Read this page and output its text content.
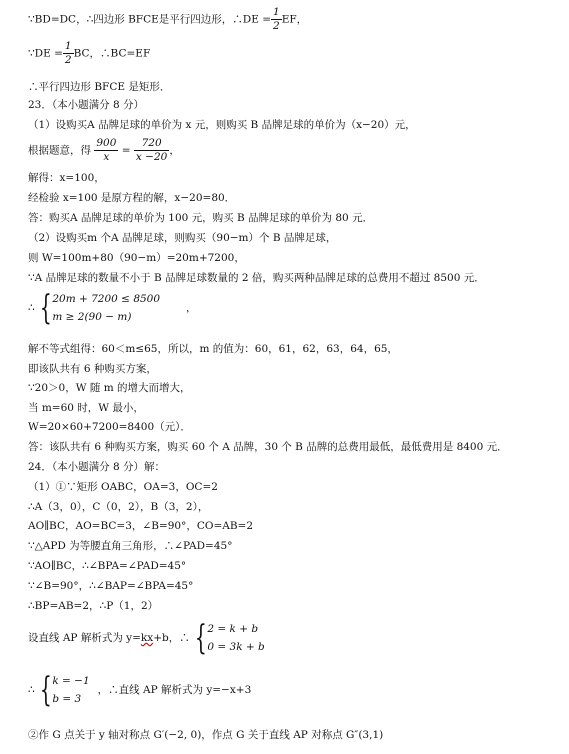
∵BD=DC，∴四边形 BFCE是平行四边形，∴DE = $\frac{1}{2}$ EF，
∵DE = $\frac{1}{2}$ BC，∴BC=EF
∴平行四边形 BFCE 是矩形．
23．（本小题满分 8 分）
（1）设购买A 品牌足球的单价为 x 元，则购买 B 品牌足球的单价为（x−20）元，
根据题意，得 $\frac{900}{x} = \frac{720}{x -20}$ ，
解得：x=100，
经检验 x=100 是原方程的解，x−20=80．
答：购买A 品牌足球的单价为 100 元，购买 B 品牌足球的单价为 80 元．
（2）设购买m 个A 品牌足球，则购买（90−m）个 B 品牌足球，
则 W=100m+80（90−m）=20m+7200，
∵A 品牌足球的数量不小于 B 品牌足球数量的 2 倍，购买两种品牌足球的总费用不超过 8500 元．
∴ { 20m + 7200 ≤ 8500
m ≥ 2(90 − m)
，
解不等式组得：60＜m≤65，所以，m 的值为：60，61，62，63，64，65，
即该队共有 6 种购买方案，
∵20＞0，W 随 m 的增大而增大，
当 m=60 时，W 最小，
W=20×60+7200=8400（元）．
答：该队共有 6 种购买方案，购买 60 个 A 品牌，30 个 B 品牌的总费用最低，最低费用是 8400 元．
24．（本小题满分 8 分）解：
（1）①∵矩形 OABC，OA=3，OC=2
∴A（3，0），C（0，2），B（3，2），
AO∥BC，AO=BC=3，∠B=90°，CO=AB=2
∵△APD 为等腰直角三角形，∴∠PAD=45°
∵AO∥BC，∴∠BPA=∠PAD=45°
∵∠B=90°，∴∠BAP=∠BPA=45°
∴BP=AB=2，∴P（1，2）
设直线 AP 解析式为 y= kx +b，∴ { 2 = k + b
0 = 3k + b
∴ { k = −1
b = 3
，∴直线 AP 解析式为 y=−x+3
②作 G 点关于 y 轴对称点 G′(−2, 0)，作点 G 关于直线 AP 对称点 G″(3,1)
